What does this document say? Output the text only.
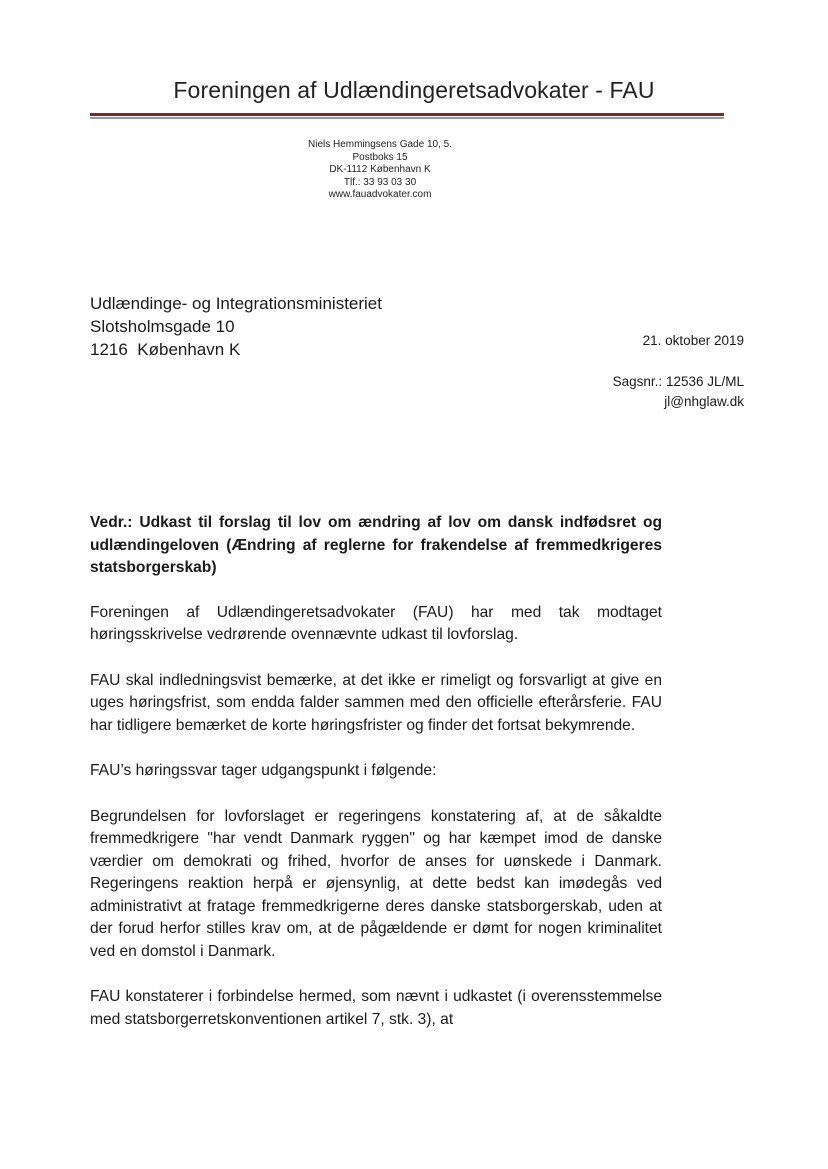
Foreningen af Udlændingeretsadvokater - FAU
Niels Hemmingsens Gade 10, 5.
Postboks 15
DK-1112 København K
Tlf.: 33 93 03 30
www.fauadvokater.com
Udlændinge- og Integrationsministeriet
Slotsholmsgade 10
1216  København K	21. oktober 2019
Sagsnr.: 12536 JL/ML
jl@nhglaw.dk

Vedr.: Udkast til forslag til lov om ændring af lov om dansk indfødsret og udlændingeloven (Ændring af reglerne for frakendelse af fremmedkrigeres statsborgerskab)

Foreningen af Udlændingeretsadvokater (FAU) har med tak modtaget høringsskrivelse vedrørende ovennævnte udkast til lovforslag.

FAU skal indledningsvist bemærke, at det ikke er rimeligt og forsvarligt at give en uges høringsfrist, som endda falder sammen med den officielle efterårsferie. FAU har tidligere bemærket de korte høringsfrister og finder det fortsat bekymrende.

FAU’s høringssvar tager udgangspunkt i følgende:

Begrundelsen for lovforslaget er regeringens konstatering af, at de såkaldte fremmedkrigere "har vendt Danmark ryggen" og har kæmpet imod de danske værdier om demokrati og frihed, hvorfor de anses for uønskede i Danmark. Regeringens reaktion herpå er øjensynlig, at dette bedst kan imødegås ved administrativt at fratage fremmedkrigerne deres danske statsborgerskab, uden at der forud herfor stilles krav om, at de pågældende er dømt for nogen kriminalitet ved en domstol i Danmark.

FAU konstaterer i forbindelse hermed, som nævnt i udkastet (i overensstemmelse med statsborgerretskonventionen artikel 7, stk. 3), at
